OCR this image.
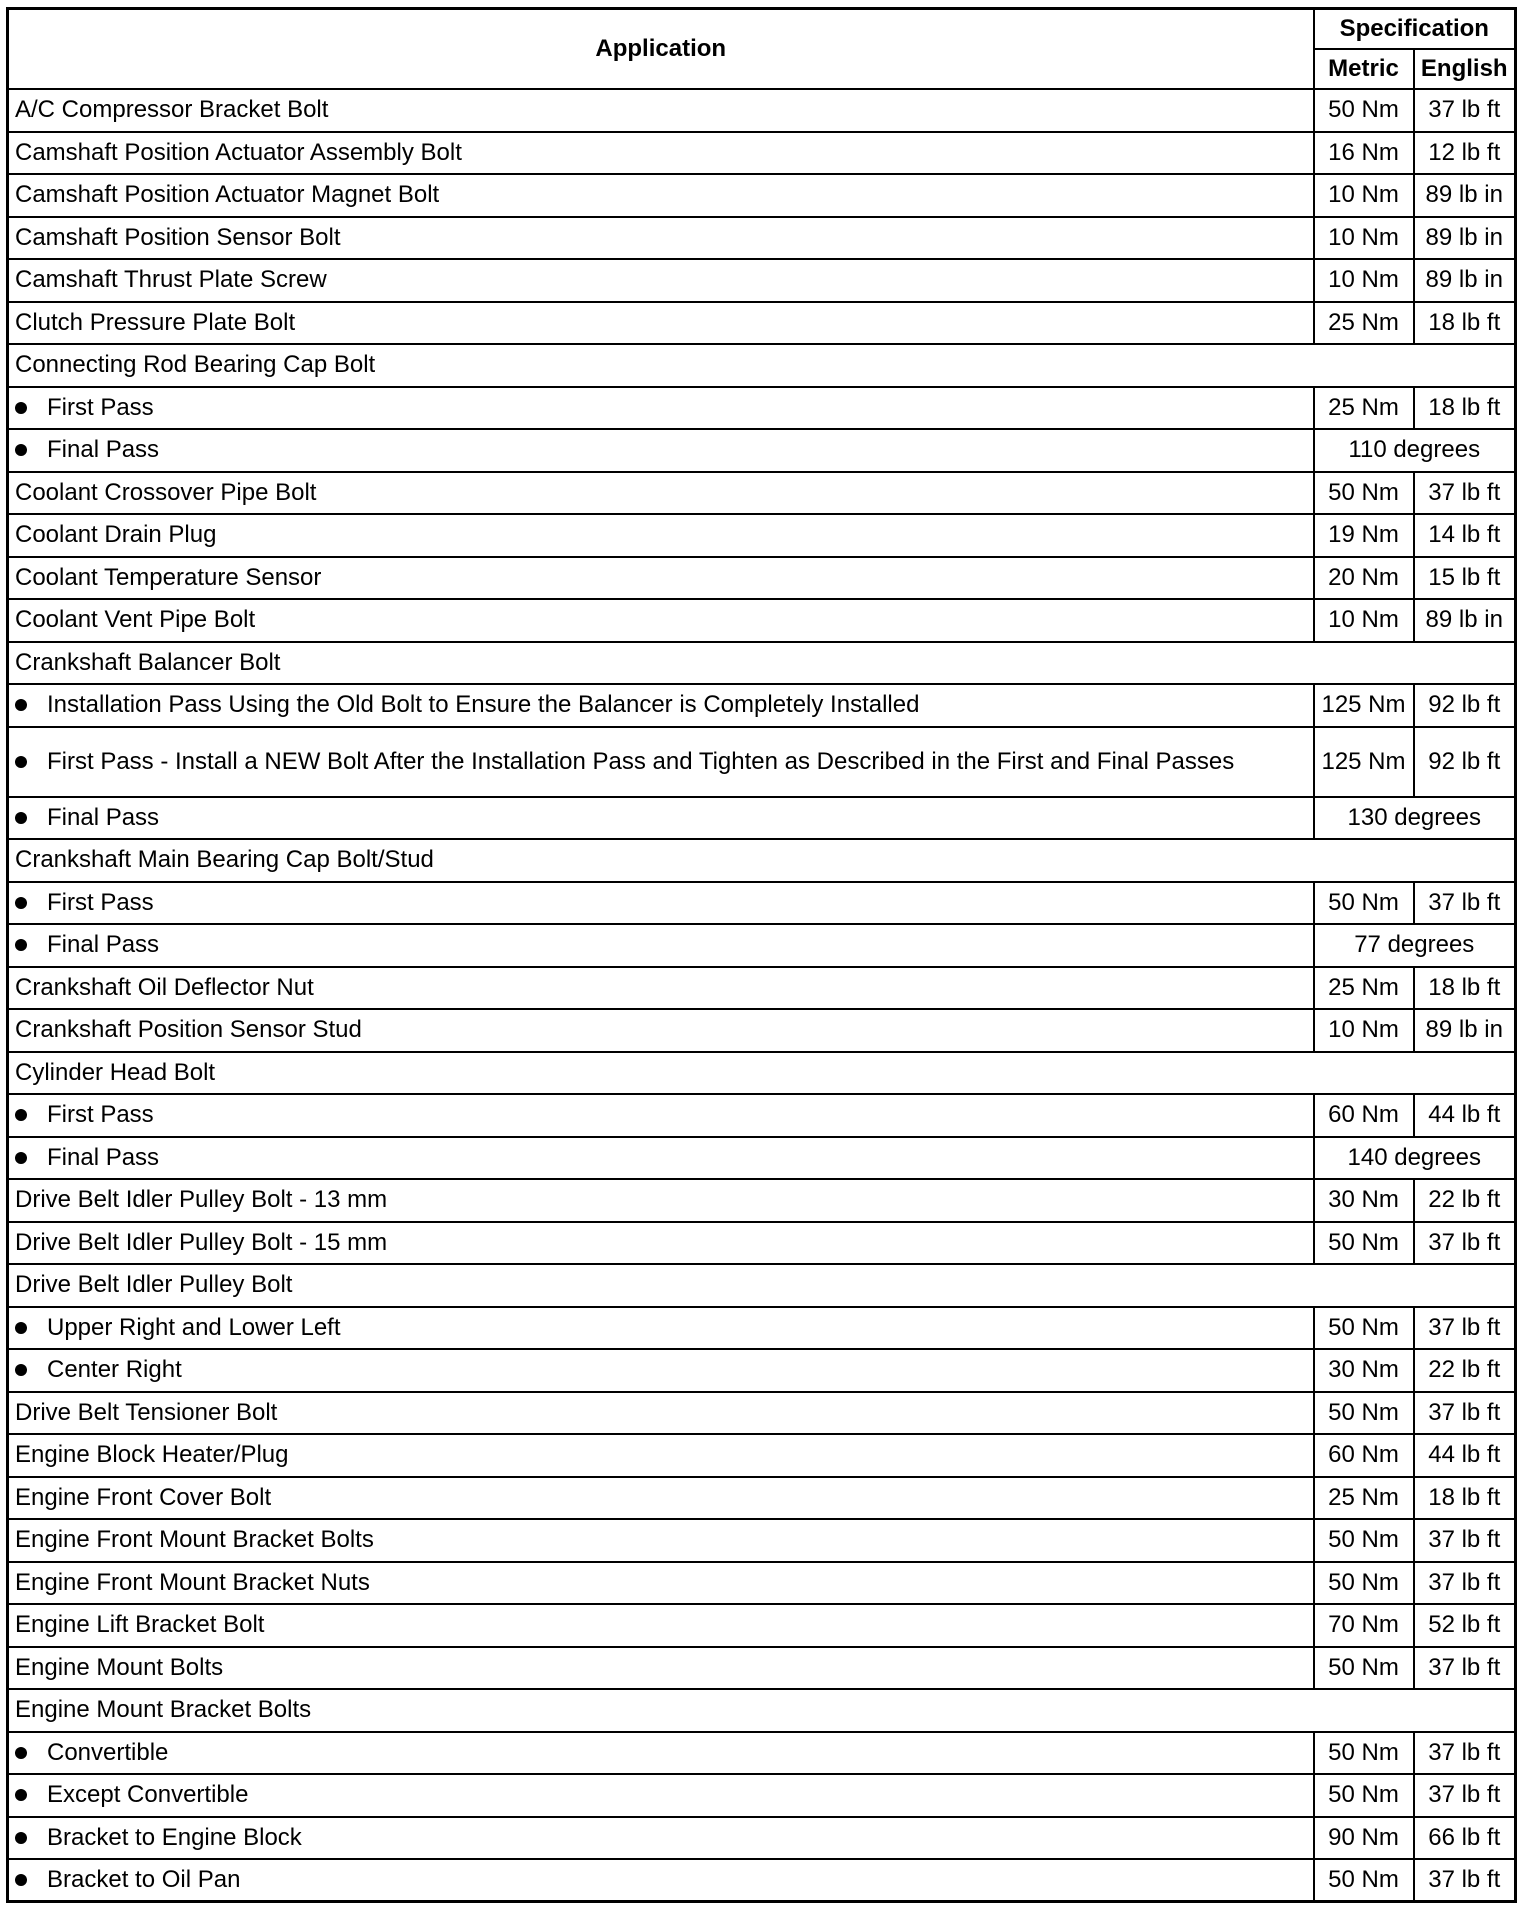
Application	Specification	
	Metric	English
A/C Compressor Bracket Bolt	50 Nm	37 lb ft
Camshaft Position Actuator Assembly Bolt	16 Nm	12 lb ft
Camshaft Position Actuator Magnet Bolt	10 Nm	89 lb in
Camshaft Position Sensor Bolt	10 Nm	89 lb in
Camshaft Thrust Plate Screw	10 Nm	89 lb in
Clutch Pressure Plate Bolt	25 Nm	18 lb ft
Connecting Rod Bearing Cap Bolt		

First Pass	25 Nm	18 lb ft

Final Pass	110 degrees	
Coolant Crossover Pipe Bolt	50 Nm	37 lb ft
Coolant Drain Plug	19 Nm	14 lb ft
Coolant Temperature Sensor	20 Nm	15 lb ft
Coolant Vent Pipe Bolt	10 Nm	89 lb in
Crankshaft Balancer Bolt		

Installation Pass Using the Old Bolt to Ensure the Balancer is Completely Installed	125 Nm	92 lb ft

First Pass - Install a NEW Bolt After the Installation Pass and Tighten as Described in the First and Final Passes	125 Nm	92 lb ft

Final Pass	130 degrees	
Crankshaft Main Bearing Cap Bolt/Stud		

First Pass	50 Nm	37 lb ft

Final Pass	77 degrees	
Crankshaft Oil Deflector Nut	25 Nm	18 lb ft
Crankshaft Position Sensor Stud	10 Nm	89 lb in
Cylinder Head Bolt		

First Pass	60 Nm	44 lb ft

Final Pass	140 degrees	
Drive Belt Idler Pulley Bolt - 13 mm	30 Nm	22 lb ft
Drive Belt Idler Pulley Bolt - 15 mm	50 Nm	37 lb ft
Drive Belt Idler Pulley Bolt		

Upper Right and Lower Left	50 Nm	37 lb ft

Center Right	30 Nm	22 lb ft
Drive Belt Tensioner Bolt	50 Nm	37 lb ft
Engine Block Heater/Plug	60 Nm	44 lb ft
Engine Front Cover Bolt	25 Nm	18 lb ft
Engine Front Mount Bracket Bolts	50 Nm	37 lb ft
Engine Front Mount Bracket Nuts	50 Nm	37 lb ft
Engine Lift Bracket Bolt	70 Nm	52 lb ft
Engine Mount Bolts	50 Nm	37 lb ft
Engine Mount Bracket Bolts		

Convertible	50 Nm	37 lb ft

Except Convertible	50 Nm	37 lb ft

Bracket to Engine Block	90 Nm	66 lb ft

Bracket to Oil Pan	50 Nm	37 lb ft
